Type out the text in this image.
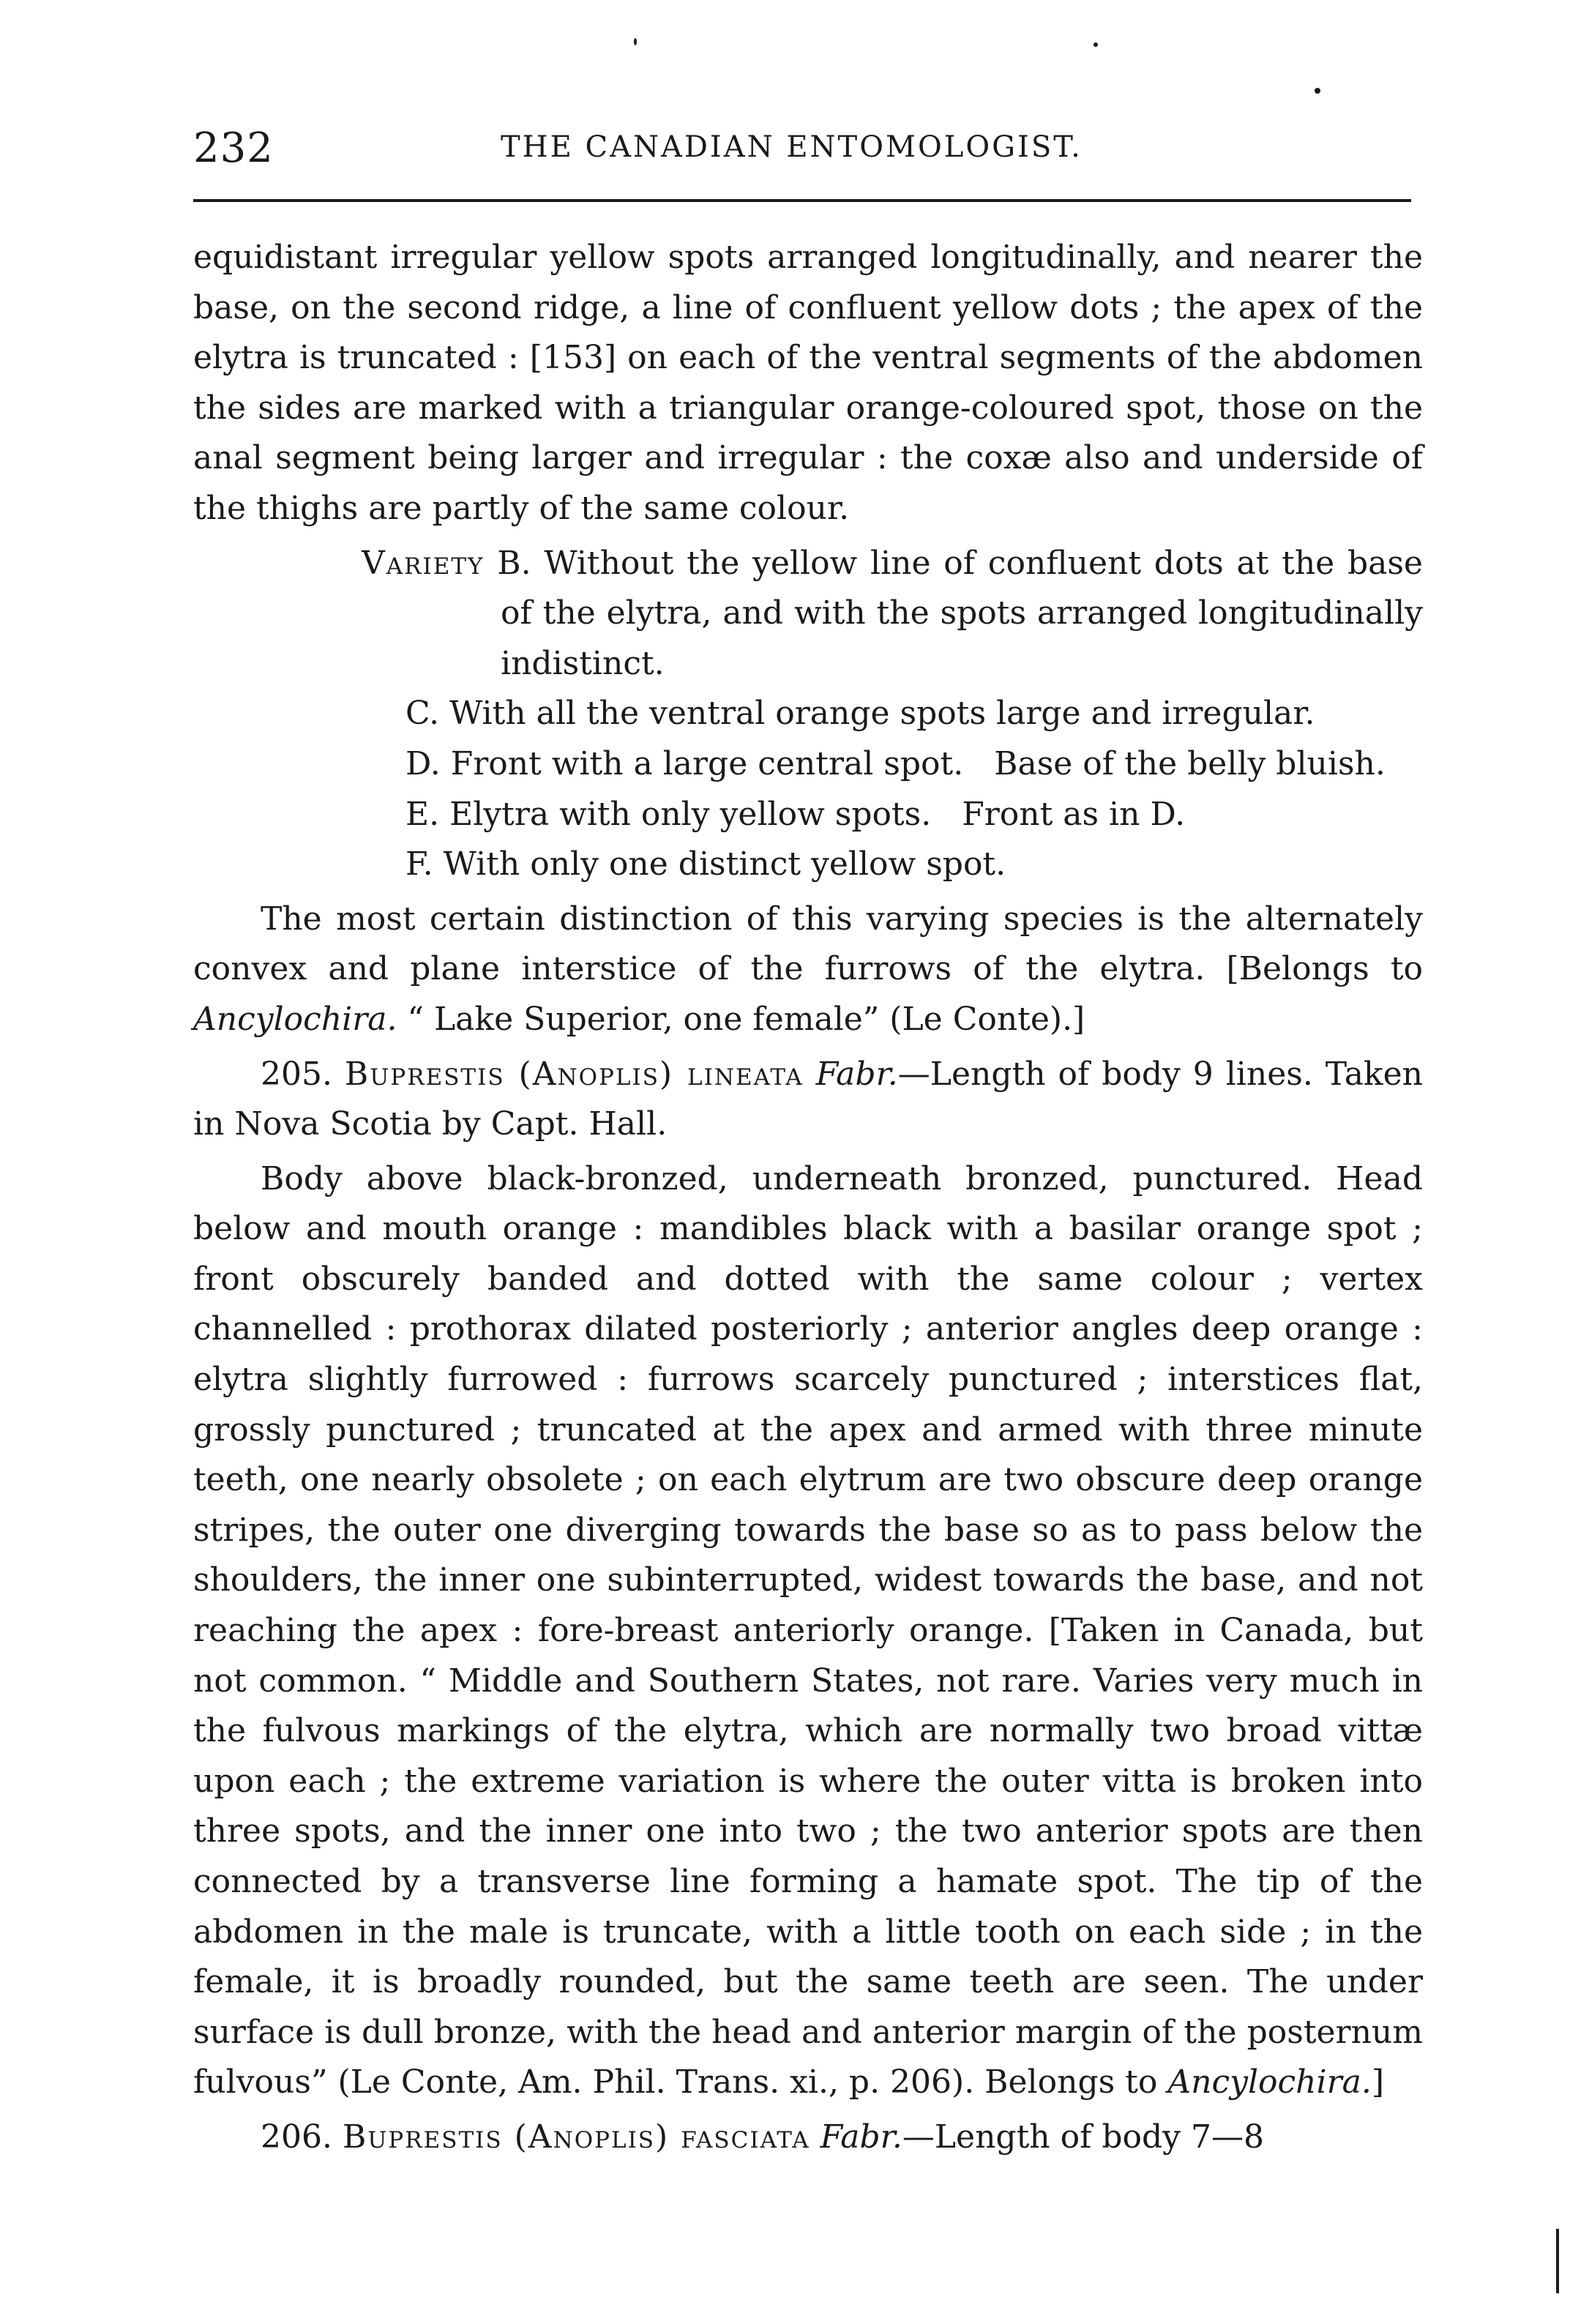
232	THE CANADIAN ENTOMOLOGIST.

equidistant irregular yellow spots arranged longitudinally, and nearer the base, on the second ridge, a line of confluent yellow dots ; the apex of the elytra is truncated : [153] on each of the ventral segments of the abdomen the sides are marked with a triangular orange-coloured spot, those on the anal segment being larger and irregular : the coxæ also and underside of the thighs are partly of the same colour.

Variety B. Without the yellow line of confluent dots at the base of the elytra, and with the spots arranged longitudinally indistinct.

C. With all the ventral orange spots large and irregular.

D. Front with a large central spot.   Base of the belly bluish.

E. Elytra with only yellow spots.   Front as in D.

F. With only one distinct yellow spot.

The most certain distinction of this varying species is the alternately convex and plane interstice of the furrows of the elytra. [Belongs to Ancylochira. “ Lake Superior, one female” (Le Conte).]

205. Buprestis (Anoplis) lineata Fabr.—Length of body 9 lines. Taken in Nova Scotia by Capt. Hall.

Body above black-bronzed, underneath bronzed, punctured. Head below and mouth orange : mandibles black with a basilar orange spot ; front obscurely banded and dotted with the same colour ; vertex channelled : prothorax dilated posteriorly ; anterior angles deep orange : elytra slightly furrowed : furrows scarcely punctured ; interstices flat, grossly punctured ; truncated at the apex and armed with three minute teeth, one nearly obsolete ; on each elytrum are two obscure deep orange stripes, the outer one diverging towards the base so as to pass below the shoulders, the inner one subinterrupted, widest towards the base, and not reaching the apex : fore-breast anteriorly orange. [Taken in Canada, but not common. “ Middle and Southern States, not rare. Varies very much in the fulvous markings of the elytra, which are normally two broad vittæ upon each ; the extreme variation is where the outer vitta is broken into three spots, and the inner one into two ; the two anterior spots are then connected by a transverse line forming a hamate spot. The tip of the abdomen in the male is truncate, with a little tooth on each side ; in the female, it is broadly rounded, but the same teeth are seen. The under surface is dull bronze, with the head and anterior margin of the posternum fulvous” (Le Conte, Am. Phil. Trans. xi., p. 206). Belongs to Ancylochira.]

206. Buprestis (Anoplis) fasciata Fabr.—Length of body 7—8
